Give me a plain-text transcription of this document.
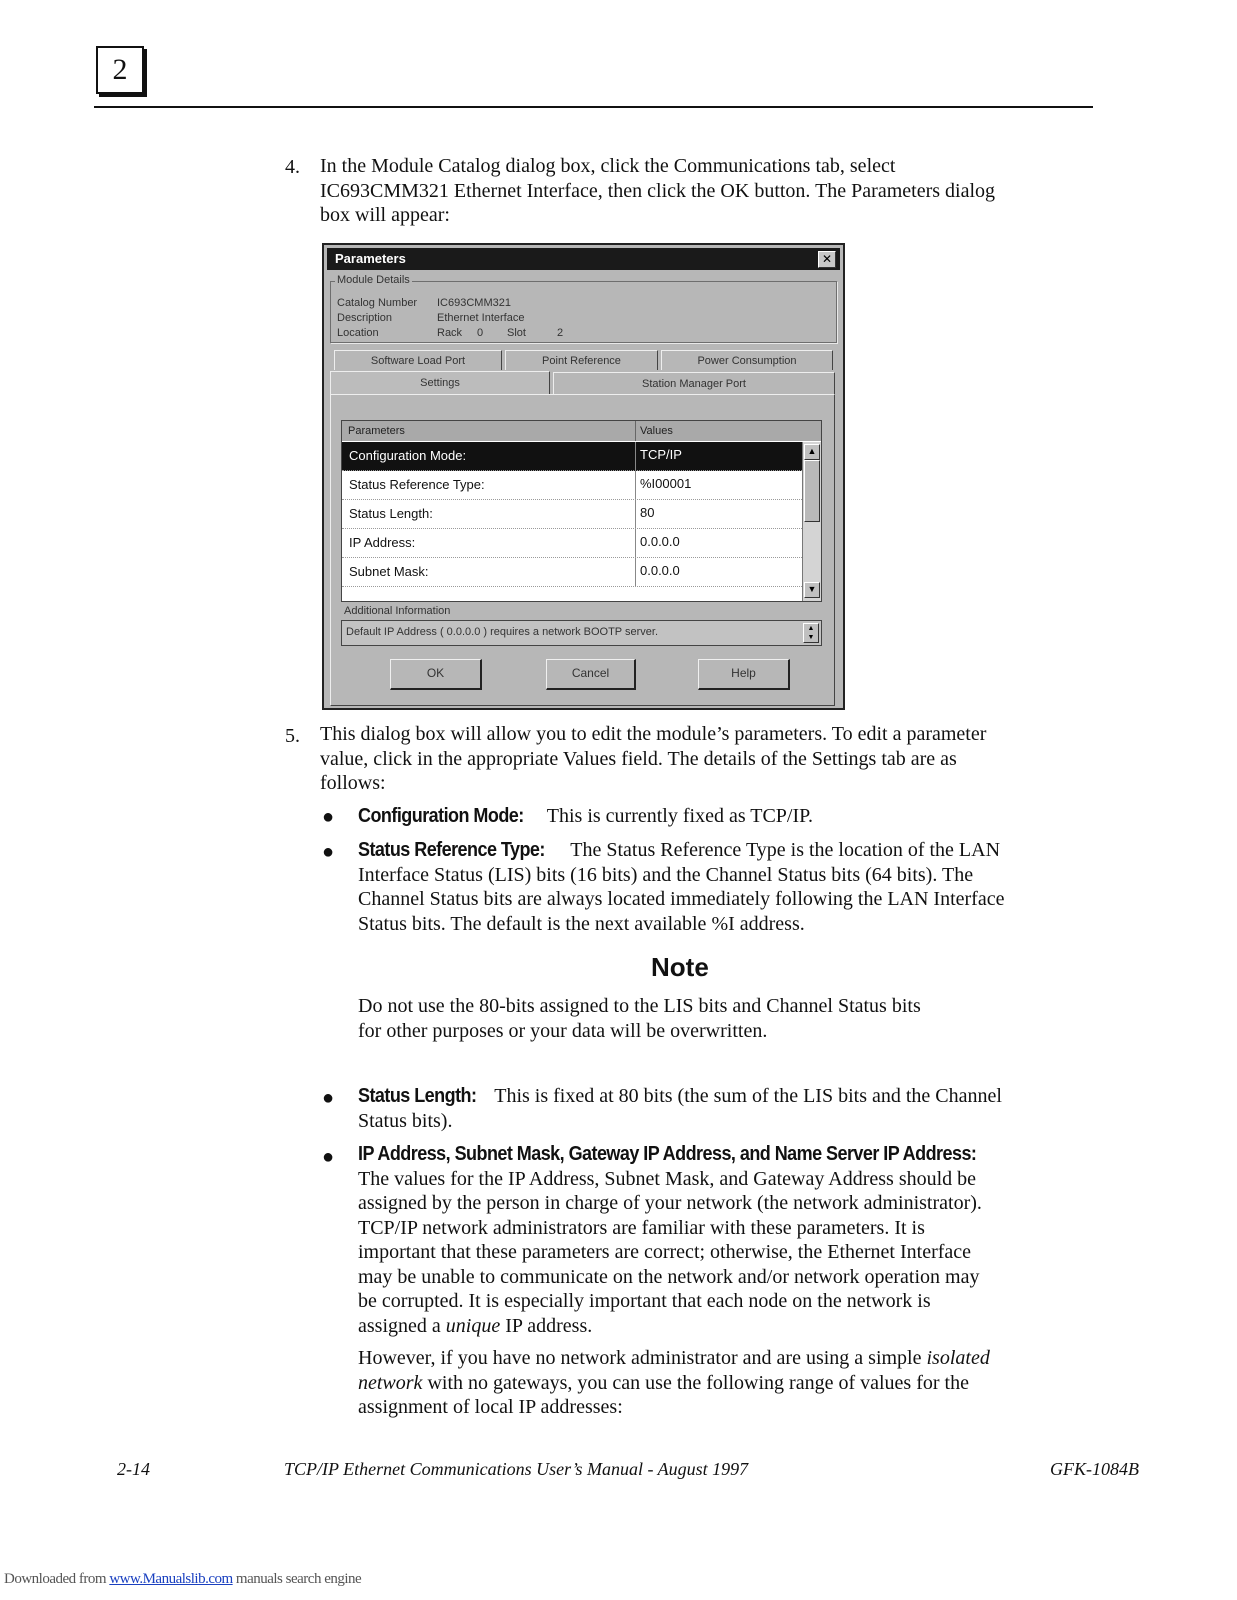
2
4. In the Module Catalog dialog box, click the Communications tab, select
IC693CMM321 Ethernet Interface, then click the OK button. The Parameters dialog
box will appear:
Parameters	✕
Module Details
Catalog Number IC693CMM321
Description	Ethernet Interface
Location	Rack 0 Slot	2
Software Load Port	Point Reference	Power Consumption
Settings	Station Manager Port
Parameters	Values
Configuration Mode:	TCP/IP
Status Reference Type:	%I00001
Status Length:	80
IP Address:	0.0.0.0
Subnet Mask:	0.0.0.0
▲
▼
Additional Information
Default IP Address ( 0.0.0.0 ) requires a network BOOTP server.	▲
▼
OK	Cancel	Help
5. This dialog box will allow you to edit the module’s parameters. To edit a parameter
value, click in the appropriate Values field. The details of the Settings tab are as
follows:
● Configuration Mode: This is currently fixed as TCP/IP.
● Status Reference Type: The Status Reference Type is the location of the LAN
Interface Status (LIS) bits (16 bits) and the Channel Status bits (64 bits). The
Channel Status bits are always located immediately following the LAN Interface
Status bits. The default is the next available %I address.
Note
Do not use the 80-bits assigned to the LIS bits and Channel Status bits
for other purposes or your data will be overwritten.
● Status Length: This is fixed at 80 bits (the sum of the LIS bits and the Channel
Status bits).
● IP Address, Subnet Mask, Gateway IP Address, and Name Server IP Address:
The values for the IP Address, Subnet Mask, and Gateway Address should be
assigned by the person in charge of your network (the network administrator).
TCP/IP network administrators are familiar with these parameters. It is
important that these parameters are correct; otherwise, the Ethernet Interface
may be unable to communicate on the network and/or network operation may
be corrupted. It is especially important that each node on the network is
assigned a unique IP address.
However, if you have no network administrator and are using a simple isolated
network with no gateways, you can use the following range of values for the
assignment of local IP addresses:
2-14	TCP/IP Ethernet Communications User’s Manual - August 1997	GFK-1084B
Downloaded from www.Manualslib.com manuals search engine
